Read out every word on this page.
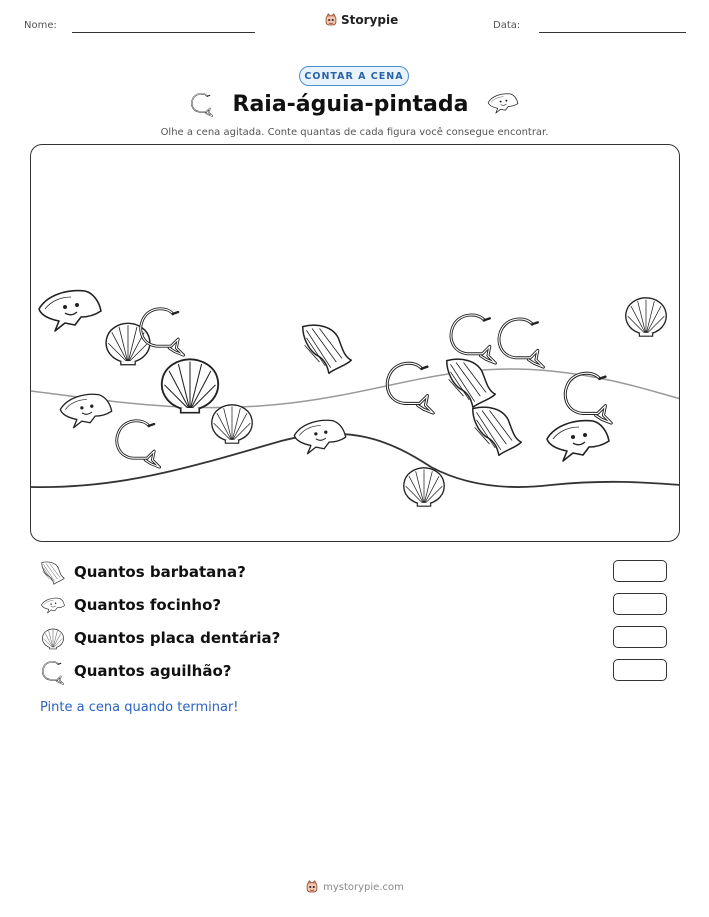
Nome:	Storypie	Data:
CONTAR A CENA
Raia-águia-pintada
Olhe a cena agitada. Conte quantas de cada figura você consegue encontrar.
Quantos barbatana?
Quantos focinho?
Quantos placa dentária?
Quantos aguilhão?
Pinte a cena quando terminar!
mystorypie.com
